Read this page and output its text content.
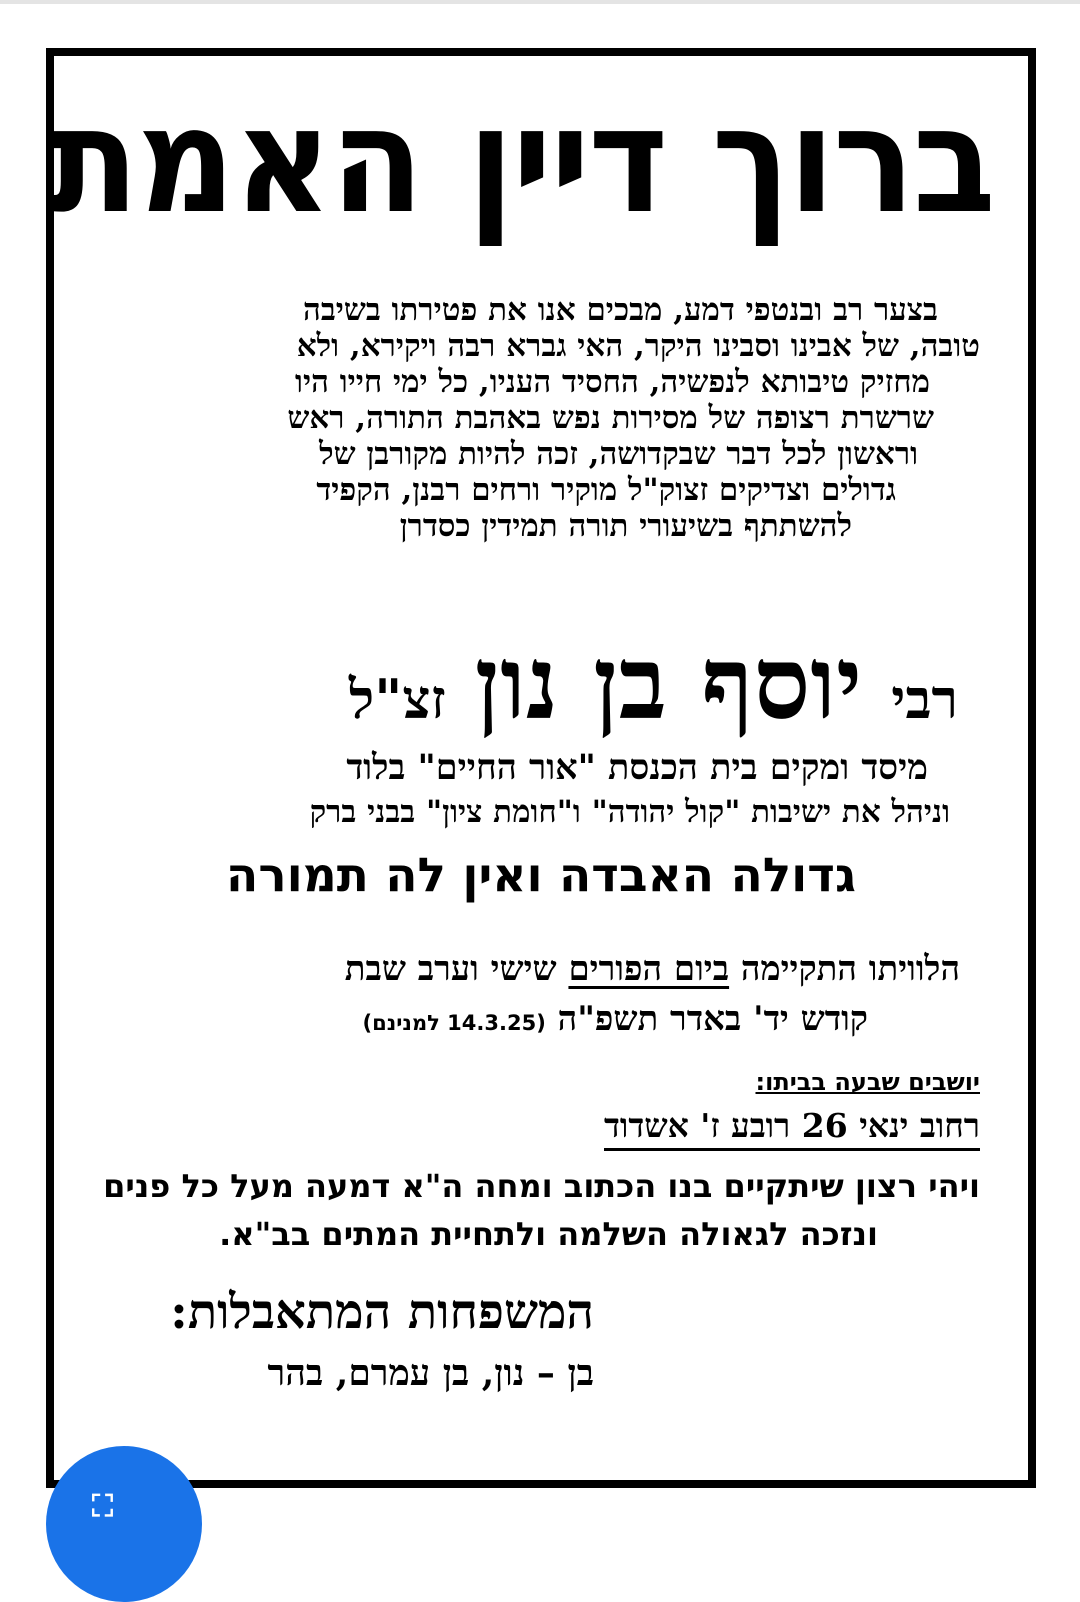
ברוך דיין האמת
בצער רב ובנטפי דמע, מבכים אנו את פטירתו בשיבה
טובה, של אבינו וסבינו היקר, האי גברא רבה ויקירא, ולא
מחזיק טיבותא לנפשיה, החסיד העניו, כל ימי חייו היו
שרשרת רצופה של מסירות נפש באהבת התורה, ראש
וראשון לכל דבר שבקדושה, זכה להיות מקורבן של
גדולים וצדיקים זצוק"ל מוקיר ורחים רבנן, הקפיד
להשתתף בשיעורי תורה תמידין כסדרן
רבי יוסף בן נון זצ"ל
מיסד ומקים בית הכנסת "אור החיים" בלוד
וניהל את ישיבות "קול יהודה" ו"חומת ציון" בבני ברק
גדולה האבדה ואין לה תמורה
הלוויתו התקיימה ביום הפורים שישי וערב שבת
קודש יד' באדר תשפ"ה (14.3.25 למנינם)
יושבים שבעה בביתו:
רחוב ינאי 26 רובע ז' אשדוד
ויהי רצון שיתקיים בנו הכתוב ומחה ה"א דמעה מעל כל פנים
ונזכה לגאולה השלמה ולתחיית המתים בב"א.
המשפחות המתאבלות:
בן – נון, בן עמרם, בהר
⛶
